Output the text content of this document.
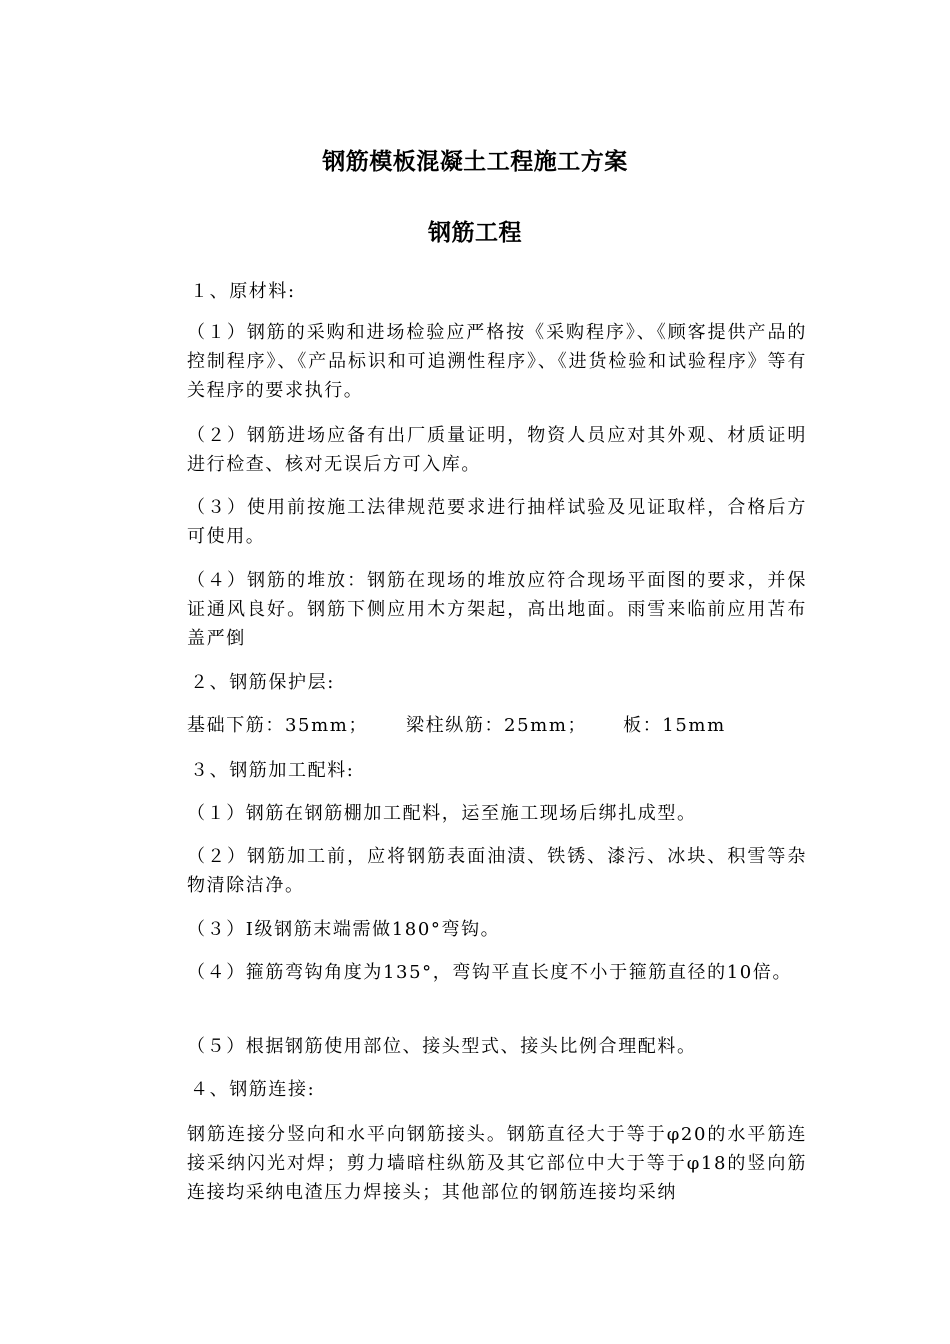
钢筋模板混凝土工程施工方案
钢筋工程

１、原材料:

（１）钢筋的采购和进场检验应严格按《采购程序》、《顾客提供产品的控制程序》、《产品标识和可追溯性程序》、《进货检验和试验程序》等有关程序的要求执行。

（２）钢筋进场应备有出厂质量证明，物资人员应对其外观、材质证明进行检查、核对无误后方可入库。

（３）使用前按施工法律规范要求进行抽样试验及见证取样，合格后方可使用。

（４）钢筋的堆放：钢筋在现场的堆放应符合现场平面图的要求，并保证通风良好。钢筋下侧应用木方架起，高出地面。雨雪来临前应用苫布盖严倒

２、钢筋保护层:

基础下筋：35mm； 梁柱纵筋：25mm； 板：15mm

３、钢筋加工配料:

（１）钢筋在钢筋棚加工配料，运至施工现场后绑扎成型。

（２）钢筋加工前，应将钢筋表面油渍、铁锈、漆污、冰块、积雪等杂物清除洁净。

（３）Ⅰ级钢筋末端需做180°弯钩。

（４）箍筋弯钩角度为135°，弯钩平直长度不小于箍筋直径的10倍。

（５）根据钢筋使用部位、接头型式、接头比例合理配料。

４、钢筋连接:

钢筋连接分竖向和水平向钢筋接头。钢筋直径大于等于φ20的水平筋连接采纳闪光对焊；剪力墙暗柱纵筋及其它部位中大于等于φ18的竖向筋连接均采纳电渣压力焊接头；其他部位的钢筋连接均采纳
